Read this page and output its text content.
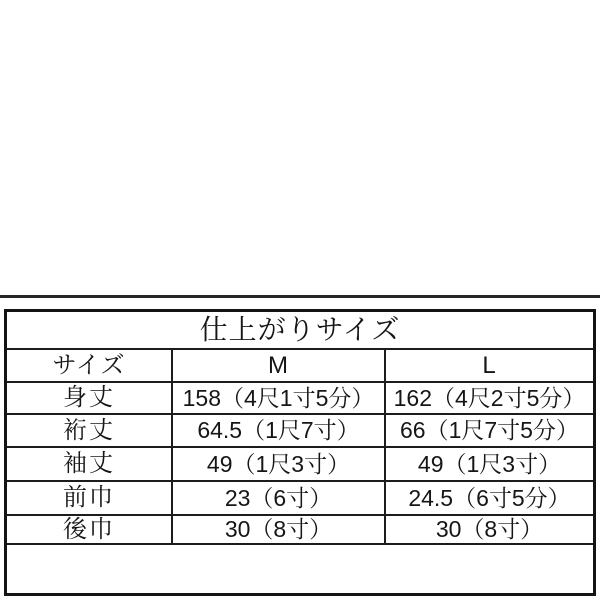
仕上がりサイズ
サイズ	M	L
身丈	158（4尺1寸5分） 162（4尺2寸5分）
裄丈	64.5（1尺7寸）	66（1尺7寸5分）
袖丈	49（1尺3寸）	49（1尺3寸）
前巾	23（6寸）	24.5（6寸5分）
後巾	30（8寸）	30（8寸）
